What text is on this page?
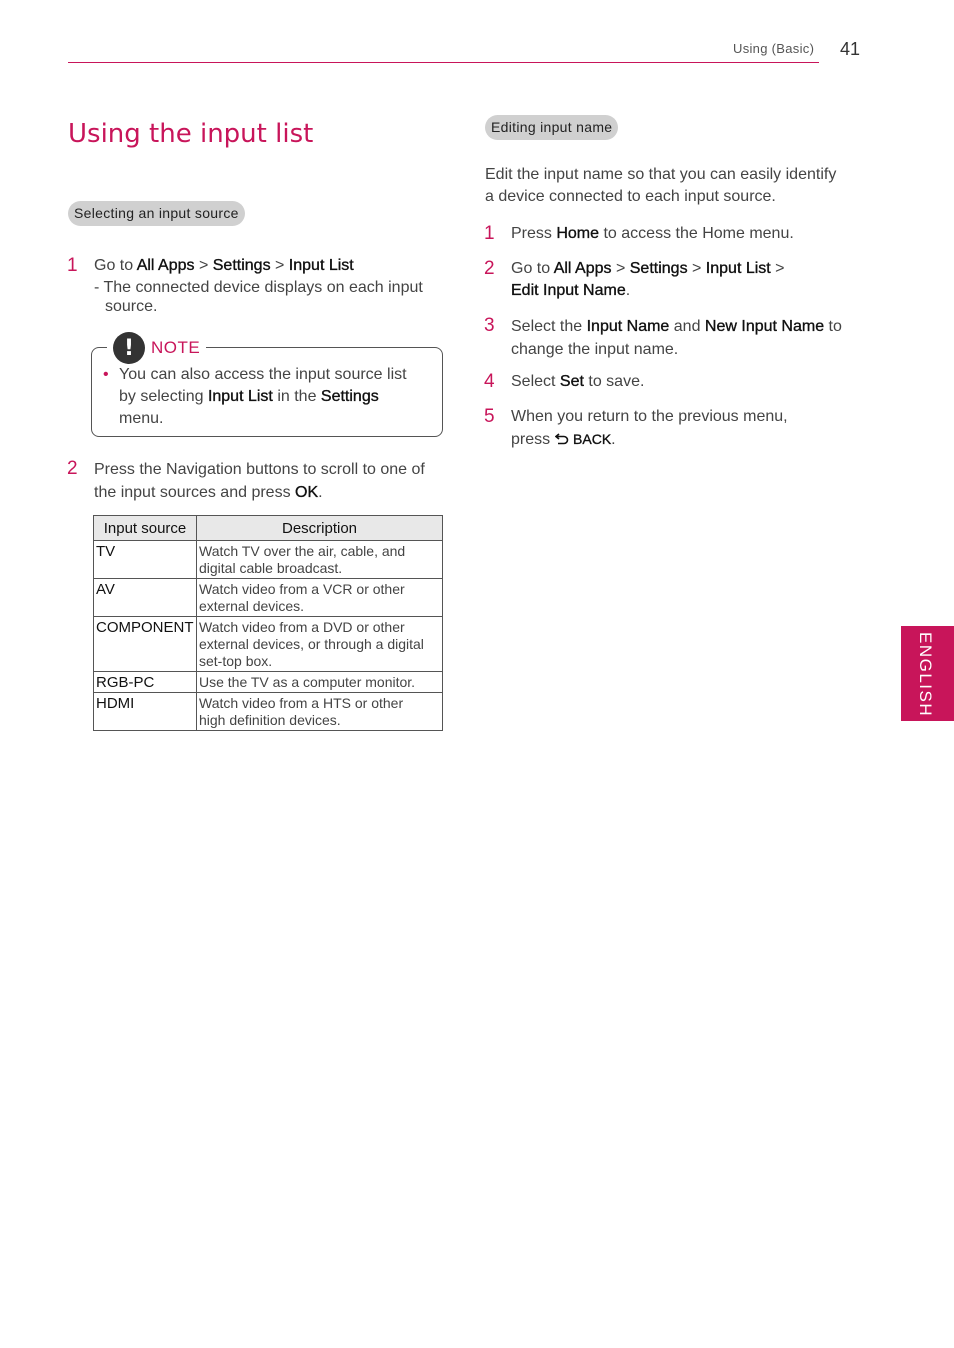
Using (Basic) 41
Using the input list
Selecting an input source
1 Go to All Apps > Settings > Input List
- The connected device displays on each input
source.
! NOTE
• You can also access the input source list
by selecting Input List in the Settings
menu.
2 Press the Navigation buttons to scroll to one of
the input sources and press OK.
Input source	Description
TV	Watch TV over the air, cable, and
digital cable broadcast.

AV	Watch video from a VCR or other
external devices.

COMPONENT	Watch video from a DVD or other
external devices, or through a digital
set-top box.

RGB-PC	Use the TV as a computer monitor.

HDMI	Watch video from a HTS or other
high definition devices.
Editing input name
Edit the input name so that you can easily identify
a device connected to each input source.
1 Press Home to access the Home menu.
2 Go to All Apps > Settings > Input List >
Edit Input Name.
3 Select the Input Name and New Input Name to
change the input name.
4 Select Set to save.
5 When you return to the previous menu,
press  BACK.
ENGLISH
